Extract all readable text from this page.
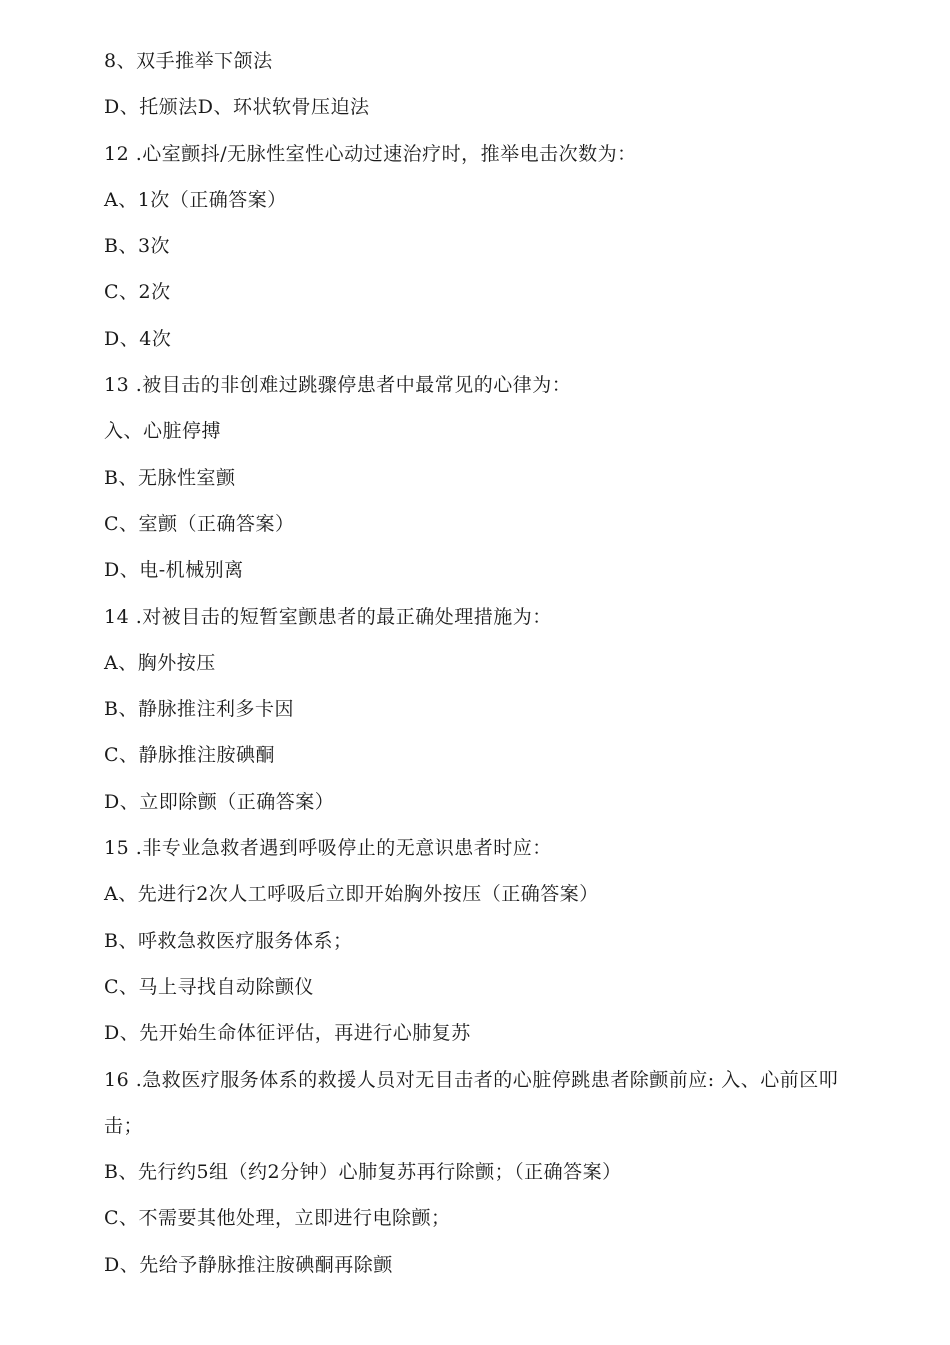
8、双手推举下颌法
D、托颁法D、环状软骨压迫法
12 .心室颤抖/无脉性室性心动过速治疗时，推举电击次数为：
A、1次（正确答案）
B、3次
C、2次
D、4次
13 .被目击的非创难过跳骤停患者中最常见的心律为：
入、心脏停搏
B、无脉性室颤
C、室颤（正确答案）
D、电-机械别离
14 .对被目击的短暂室颤患者的最正确处理措施为：
A、胸外按压
B、静脉推注利多卡因
C、静脉推注胺碘酮
D、立即除颤（正确答案）
15 .非专业急救者遇到呼吸停止的无意识患者时应：
A、先进行2次人工呼吸后立即开始胸外按压（正确答案）
B、呼救急救医疗服务体系；
C、马上寻找自动除颤仪
D、先开始生命体征评估，再进行心肺复苏
16 .急救医疗服务体系的救援人员对无目击者的心脏停跳患者除颤前应: 入、心前区叩击；
B、先行约5组（约2分钟）心肺复苏再行除颤；（正确答案）
C、不需要其他处理，立即进行电除颤；
D、先给予静脉推注胺碘酮再除颤
